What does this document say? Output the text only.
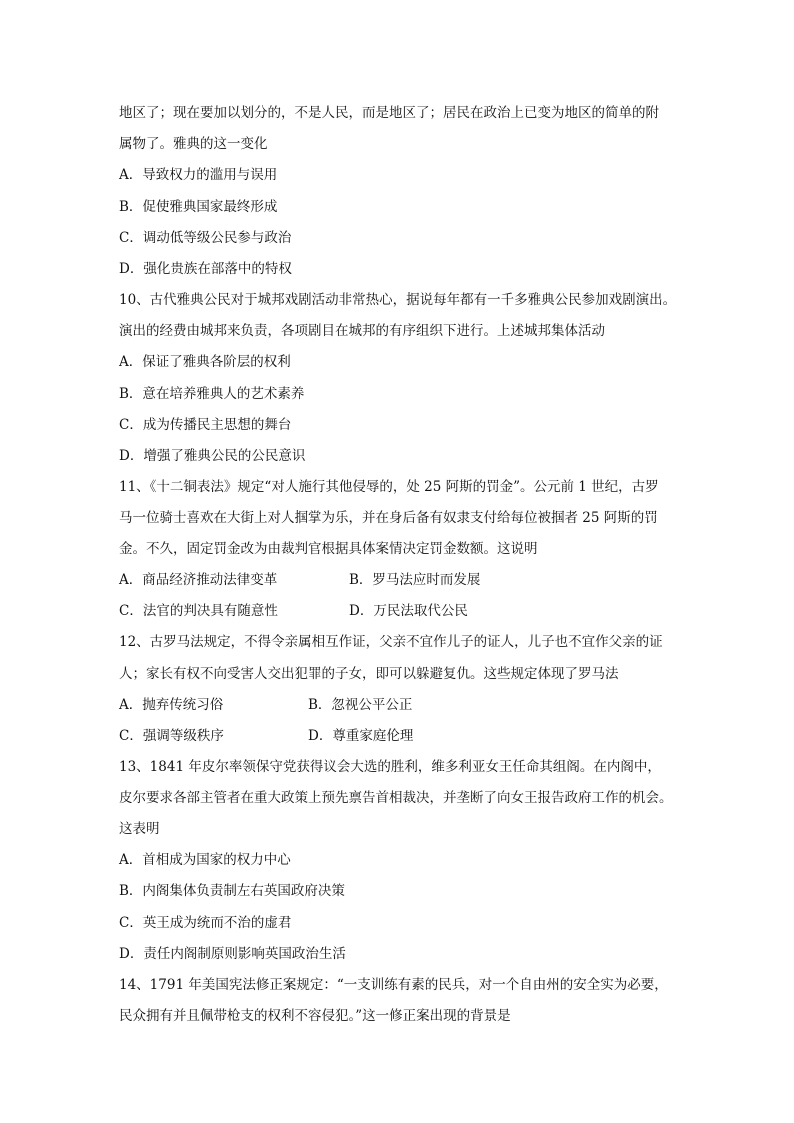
地区了；现在要加以划分的，不是人民，而是地区了；居民在政治上已变为地区的简单的附
属物了。雅典的这一变化
A．导致权力的滥用与误用
B．促使雅典国家最终形成
C．调动低等级公民参与政治
D．强化贵族在部落中的特权
10、古代雅典公民对于城邦戏剧活动非常热心，据说每年都有一千多雅典公民参加戏剧演出。
演出的经费由城邦来负责，各项剧目在城邦的有序组织下进行。上述城邦集体活动
A．保证了雅典各阶层的权利
B．意在培养雅典人的艺术素养
C．成为传播民主思想的舞台
D．增强了雅典公民的公民意识
11、《十二铜表法》规定“对人施行其他侵辱的，处 25 阿斯的罚金”。公元前 1 世纪，古罗
马一位骑士喜欢在大街上对人掴掌为乐，并在身后备有奴隶支付给每位被掴者 25 阿斯的罚
金。不久，固定罚金改为由裁判官根据具体案情决定罚金数额。这说明
A．商品经济推动法律变革	B．罗马法应时而发展
C．法官的判决具有随意性	D．万民法取代公民
12、古罗马法规定，不得令亲属相互作证，父亲不宜作儿子的证人，儿子也不宜作父亲的证
人；家长有权不向受害人交出犯罪的子女，即可以躲避复仇。这些规定体现了罗马法
A．抛弃传统习俗	B．忽视公平公正
C．强调等级秩序	D．尊重家庭伦理
13、1841 年皮尔率领保守党获得议会大选的胜利，维多利亚女王任命其组阁。在内阁中，
皮尔要求各部主管者在重大政策上预先禀告首相裁决，并垄断了向女王报告政府工作的机会。
这表明
A．首相成为国家的权力中心
B．内阁集体负责制左右英国政府决策
C．英王成为统而不治的虚君
D．责任内阁制原则影响英国政治生活
14、1791 年美国宪法修正案规定：“一支训练有素的民兵，对一个自由州的安全实为必要，
民众拥有并且佩带枪支的权利不容侵犯。”这一修正案出现的背景是
